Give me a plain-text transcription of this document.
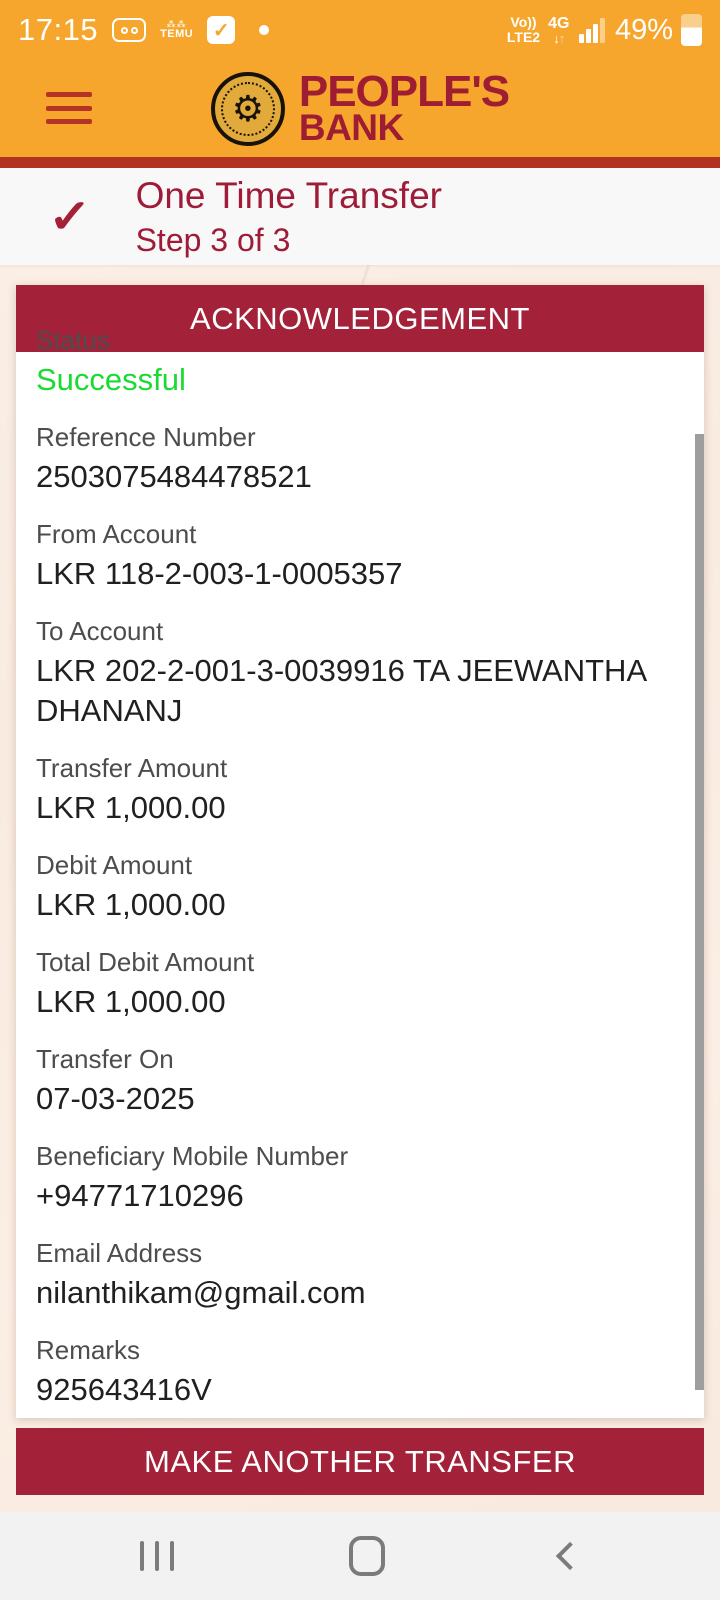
17:15	⁂⁂
TEMU ✓	Vo))
LTE2
4G
↓↑ 49%
⚙ PEOPLE'S
BANK
✓ One Time Transfer
Step 3 of 3
ACKNOWLEDGEMENT
Status
Successful
Reference Number
2503075484478521
From Account
LKR 118-2-003-1-0005357
To Account
LKR 202-2-001-3-0039916 TA JEEWANTHA DHANANJ
Transfer Amount
LKR 1,000.00
Debit Amount
LKR 1,000.00
Total Debit Amount
LKR 1,000.00
Transfer On
07-03-2025
Beneficiary Mobile Number
+94771710296
Email Address
nilanthikam@gmail.com
Remarks
925643416V
MAKE ANOTHER TRANSFER
